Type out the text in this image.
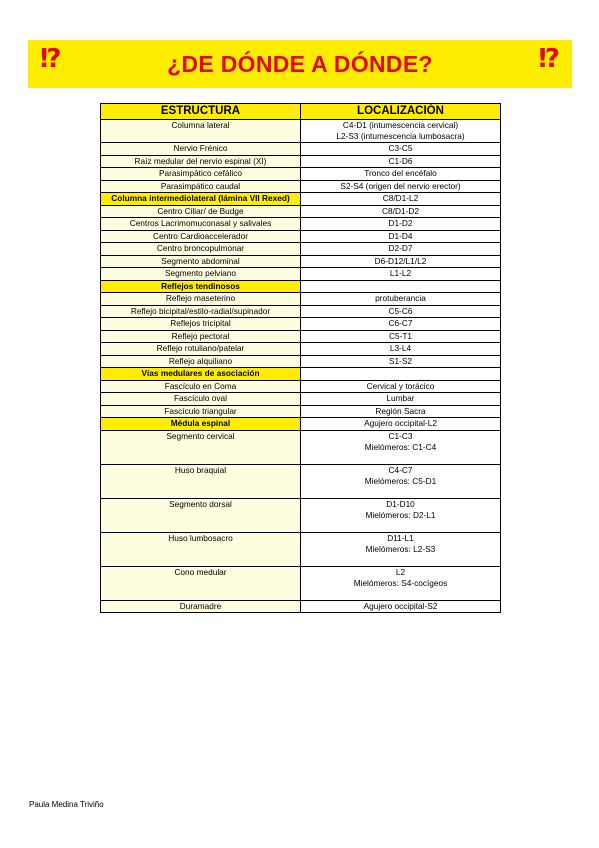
⁉	¿DE DÓNDE A DÓNDE?	⁉
ESTRUCTURA	LOCALIZACIÓN
Columna lateral	C4-D1 (intumescencia cervical)
L2-S3 (intumescencia lumbosacra)

Nervio Frénico	C3-C5

Raíz medular del nervio espinal (XI)	C1-D6

Parasimpático cefálico	Tronco del encéfalo

Parasimpático caudal	S2-S4 (origen del nervio erector)

Columna intermediolateral (lámina VII Rexed)	C8/D1-L2

Centro Ciliar/ de Budge	C8/D1-D2

Centros Lacrimomuconasal y salivales	D1-D2

Centro Cardioaccelerador	D1-D4

Centro broncopulmonar	D2-D7

Segmento abdominal	D6-D12/L1/L2

Segmento pelviano	L1-L2

Reflejos tendinosos	
Reflejo maseterino	protuberancia

Reflejo bicipital/estilo-radial/supinador	C5-C6

Reflejos tricipital	C6-C7

Reflejo pectoral	C5-T1

Reflejo rotuliano/patelar	L3-L4

Reflejo alquiliano	S1-S2

Vías medulares de asociación	
Fascículo en Coma	Cervical y torácico

Fascículo oval	Lumbar

Fascículo triangular	Región Sacra

Médula espinal	Agujero occipital-L2

Segmento cervical	C1-C3
Mielómeros: C1-C4

Huso braquial	C4-C7
Mielómeros: C5-D1

Segmento dorsal	D1-D10
Mielómeros: D2-L1

Huso lumbosacro	D11-L1
Mielómeros: L2-S3

Cono medular	L2
Mielómeros: S4-cocígeos

Duramadre	Agujero occipital-S2
Paula Medina Triviño
